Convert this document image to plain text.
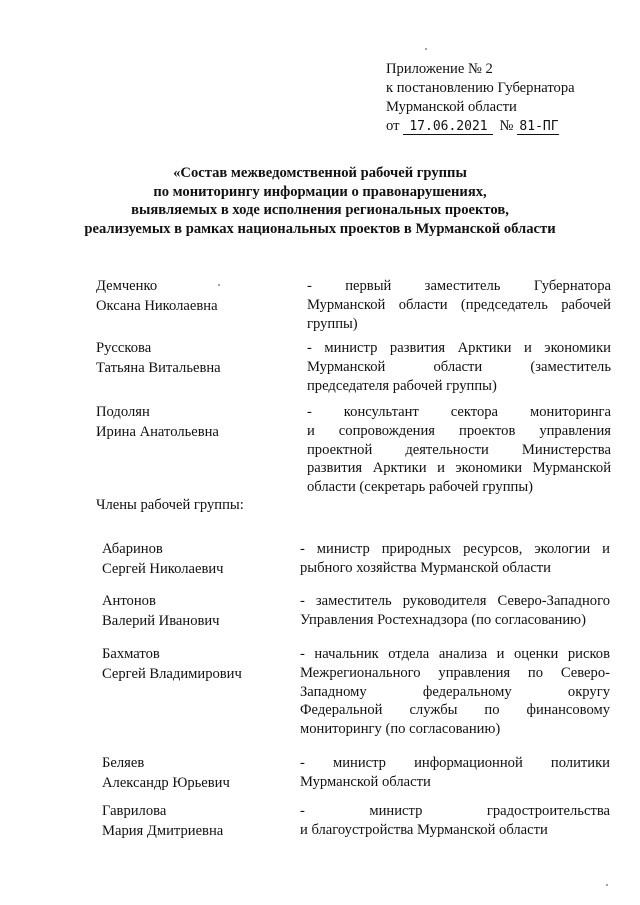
Приложение № 2
к постановлению Губернатора
Мурманской области
от 17.06.2021 № 81-ПГ
«Состав межведомственной рабочей группы
по мониторингу информации о правонарушениях,
выявляемых в ходе исполнения региональных проектов,
реализуемых в рамках национальных проектов в Мурманской области
Демченко
Оксана Николаевна
- первый заместитель Губернатора
Мурманской области (председатель рабочей
группы)
Русскова
Татьяна Витальевна
- министр развития Арктики и экономики
Мурманской области (заместитель
председателя рабочей группы)
Подолян
Ирина Анатольевна
- консультант сектора мониторинга
и сопровождения проектов управления
проектной деятельности Министерства
развития Арктики и экономики Мурманской
области (секретарь рабочей группы)
Члены рабочей группы:
Абаринов
Сергей Николаевич
- министр природных ресурсов, экологии и
рыбного хозяйства Мурманской области
Антонов
Валерий Иванович
- заместитель руководителя Северо-Западного
Управления Ростехнадзора (по согласованию)
Бахматов
Сергей Владимирович
- начальник отдела анализа и оценки рисков
Межрегионального управления по Северо-
Западному федеральному округу
Федеральной службы по финансовому
мониторингу (по согласованию)
Беляев
Александр Юрьевич
- министр информационной политики
Мурманской области
Гаврилова
Мария Дмитриевна
- министр градостроительства
и благоустройства Мурманской области
